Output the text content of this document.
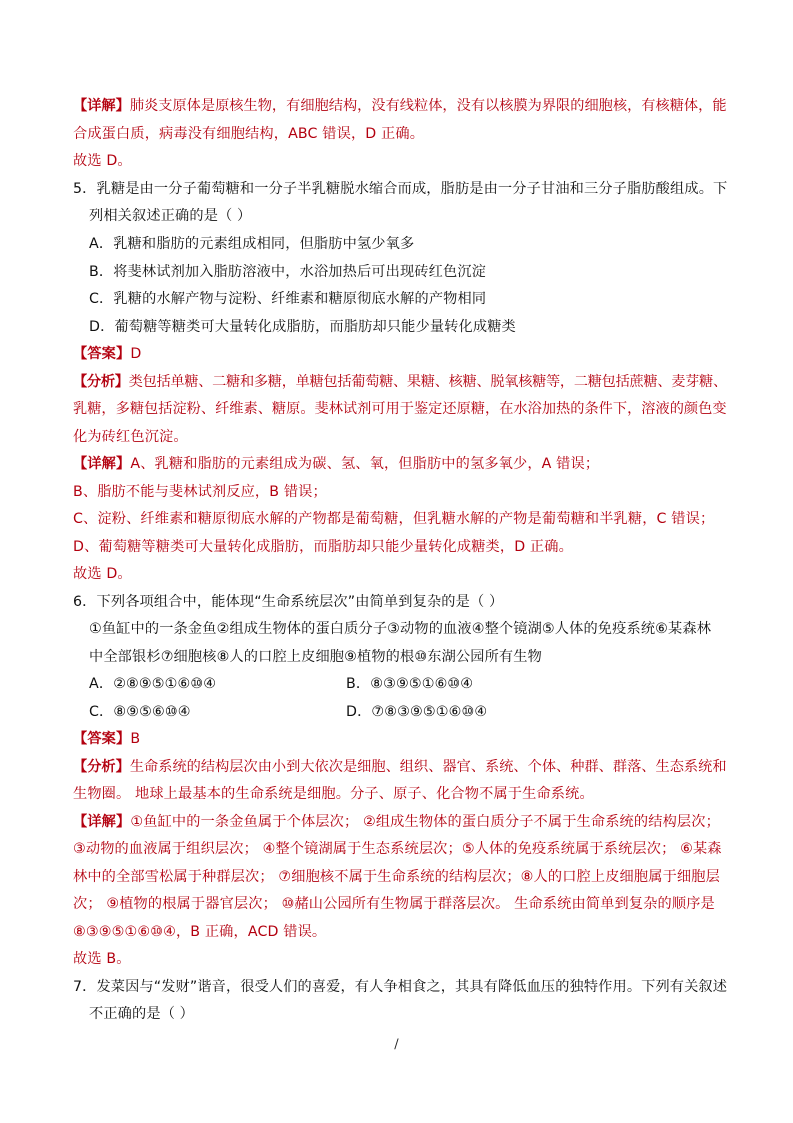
【详解】肺炎支原体是原核生物，有细胞结构，没有线粒体，没有以核膜为界限的细胞核，有核糖体，能
合成蛋白质，病毒没有细胞结构，ABC 错误，D 正确。
故选 D。
5．乳糖是由一分子葡萄糖和一分子半乳糖脱水缩合而成，脂肪是由一分子甘油和三分子脂肪酸组成。下
列相关叙述正确的是（ ）
A．乳糖和脂肪的元素组成相同，但脂肪中氢少氧多
B．将斐林试剂加入脂肪溶液中，水浴加热后可出现砖红色沉淀
C．乳糖的水解产物与淀粉、纤维素和糖原彻底水解的产物相同
D．葡萄糖等糖类可大量转化成脂肪，而脂肪却只能少量转化成糖类
【答案】D
【分析】类包括单糖、二糖和多糖，单糖包括葡萄糖、果糖、核糖、脱氧核糖等，二糖包括蔗糖、麦芽糖、
乳糖，多糖包括淀粉、纤维素、糖原。斐林试剂可用于鉴定还原糖，在水浴加热的条件下，溶液的颜色变
化为砖红色沉淀。
【详解】A、乳糖和脂肪的元素组成为碳、氢、氧，但脂肪中的氢多氧少，A 错误；
B、脂肪不能与斐林试剂反应，B 错误；
C、淀粉、纤维素和糖原彻底水解的产物都是葡萄糖，但乳糖水解的产物是葡萄糖和半乳糖，C 错误；
D、葡萄糖等糖类可大量转化成脂肪，而脂肪却只能少量转化成糖类，D 正确。
故选 D。
6．下列各项组合中，能体现“生命系统层次”由简单到复杂的是（ ）
①鱼缸中的一条金鱼②组成生物体的蛋白质分子③动物的血液④整个镜湖⑤人体的免疫系统⑥某森林
中全部银杉⑦细胞核⑧人的口腔上皮细胞⑨植物的根⑩东湖公园所有生物
A．②⑧⑨⑤①⑥⑩④	B．⑧③⑨⑤①⑥⑩④
C．⑧⑨⑤⑥⑩④	D．⑦⑧③⑨⑤①⑥⑩④
【答案】B
【分析】生命系统的结构层次由小到大依次是细胞、组织、器官、系统、个体、种群、群落、生态系统和
生物圈。 地球上最基本的生命系统是细胞。分子、原子、化合物不属于生命系统。
【详解】①鱼缸中的一条金鱼属于个体层次； ②组成生物体的蛋白质分子不属于生命系统的结构层次；
③动物的血液属于组织层次； ④整个镜湖属于生态系统层次；⑤人体的免疫系统属于系统层次； ⑥某森
林中的全部雪松属于种群层次； ⑦细胞核不属于生命系统的结构层次；⑧人的口腔上皮细胞属于细胞层
次； ⑨植物的根属于器官层次； ⑩赭山公园所有生物属于群落层次。 生命系统由简单到复杂的顺序是
⑧③⑨⑤①⑥⑩④，B 正确，ACD 错误。
故选 B。
7．发菜因与“发财”谐音，很受人们的喜爱，有人争相食之，其具有降低血压的独特作用。下列有关叙述
不正确的是（ ）
/
